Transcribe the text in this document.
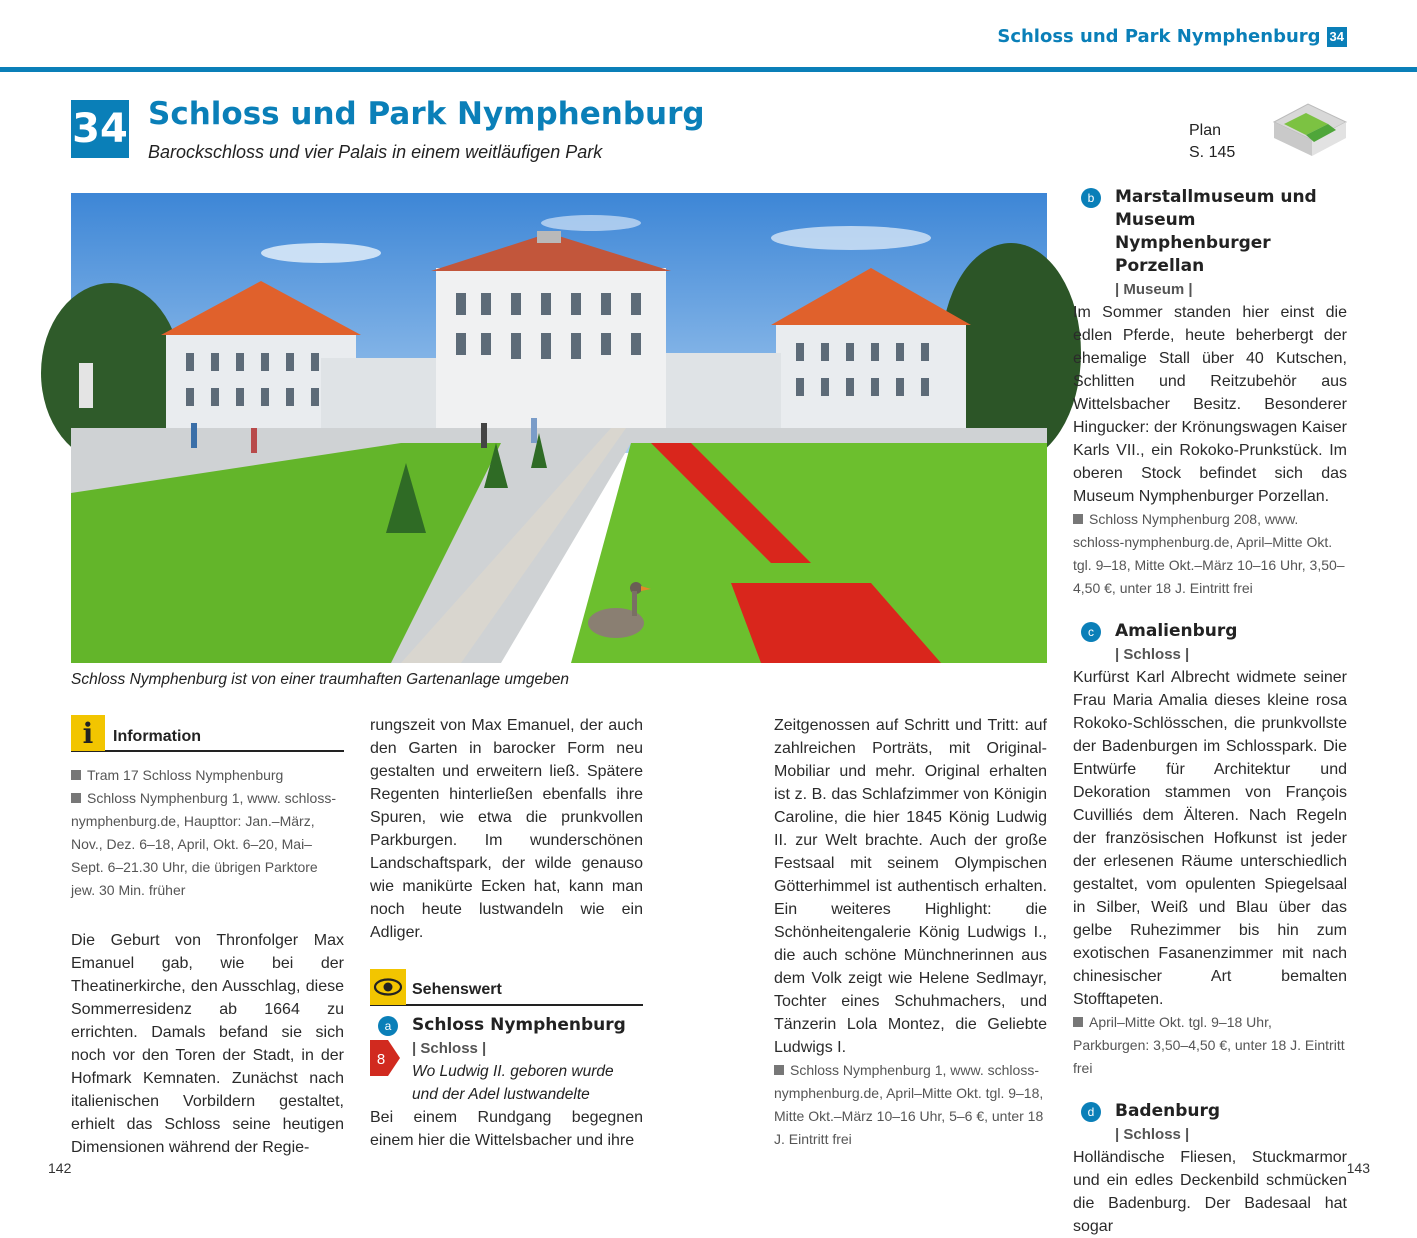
Schloss und Park Nymphenburg 34
34 Schloss und Park Nymphenburg
Barockschloss und vier Palais in einem weitläufigen Park
Plan
S. 145
Schloss Nymphenburg ist von einer traumhaften Gartenanlage umgeben
i	Information
Tram 17 Schloss Nymphenburg
Schloss Nymphenburg 1, www. schloss-nymphenburg.de, Haupttor: Jan.–März, Nov., Dez. 6–18, April, Okt. 6–20, Mai–Sept. 6–21.30 Uhr, die übrigen Parktore jew. 30 Min. früher
Die Geburt von Thronfolger Max Emanuel gab, wie bei der Theatinerkirche, den Ausschlag, diese Sommerresidenz ab 1664 zu errichten. Damals befand sie sich noch vor den Toren der Stadt, in der Hofmark Kemnaten. Zunächst nach italienischen Vorbildern gestaltet, erhielt das Schloss seine heutigen Dimensionen während der Regie-
rungszeit von Max Emanuel, der auch den Garten in barocker Form neu gestalten und erweitern ließ. Spätere Regenten hinterließen ebenfalls ihre Spuren, wie etwa die prunkvollen Parkburgen. Im wunderschönen Landschaftspark, der wilde genauso wie manikürte Ecken hat, kann man noch heute lustwandeln wie ein Adliger.
Sehenswert
a	Schloss Nymphenburg
| Schloss |
Wo Ludwig II. geboren wurde und der Adel lustwandelte
Bei einem Rundgang begegnen einem hier die Wittelsbacher und ihre
8
Zeitgenossen auf Schritt und Tritt: auf zahlreichen Porträts, mit Original-Mobiliar und mehr. Original erhalten ist z. B. das Schlafzimmer von Königin Caroline, die hier 1845 König Ludwig II. zur Welt brachte. Auch der große Festsaal mit seinem Olympischen Götterhimmel ist authentisch erhalten. Ein weiteres Highlight: die Schönheitengalerie König Ludwigs I., die auch schöne Münchnerinnen aus dem Volk zeigt wie Helene Sedlmayr, Tochter eines Schuhmachers, und Tänzerin Lola Montez, die Geliebte Ludwigs I.
Schloss Nymphenburg 1, www. schloss-nymphenburg.de, April–Mitte Okt. tgl. 9–18, Mitte Okt.–März 10–16 Uhr, 5–6 €, unter 18 J. Eintritt frei
b	Marstallmuseum und Museum Nymphenburger Porzellan
| Museum |
Im Sommer standen hier einst die edlen Pferde, heute beherbergt der ehemalige Stall über 40 Kutschen, Schlitten und Reitzubehör aus Wittelsbacher Besitz. Besonderer Hingucker: der Krönungswagen Kaiser Karls VII., ein Rokoko-Prunkstück. Im oberen Stock befindet sich das Museum Nymphenburger Porzellan.
Schloss Nymphenburg 208, www. schloss-nymphenburg.de, April–Mitte Okt. tgl. 9–18, Mitte Okt.–März 10–16 Uhr, 3,50–4,50 €, unter 18 J. Eintritt frei
c	Amalienburg
| Schloss |
Kurfürst Karl Albrecht widmete seiner Frau Maria Amalia dieses kleine rosa Rokoko-Schlösschen, die prunkvollste der Badenburgen im Schlosspark. Die Entwürfe für Architektur und Dekoration stammen von François Cuvilliés dem Älteren. Nach Regeln der französischen Hofkunst ist jeder der erlesenen Räume unterschiedlich gestaltet, vom opulenten Spiegelsaal in Silber, Weiß und Blau über das gelbe Ruhezimmer bis hin zum exotischen Fasanenzimmer mit nach chinesischer Art bemalten Stofftapeten.
April–Mitte Okt. tgl. 9–18 Uhr, Parkburgen: 3,50–4,50 €, unter 18 J. Eintritt frei
d	Badenburg
| Schloss |
Holländische Fliesen, Stuckmarmor und ein edles Deckenbild schmücken die Badenburg. Der Badesaal hat sogar
142	143
